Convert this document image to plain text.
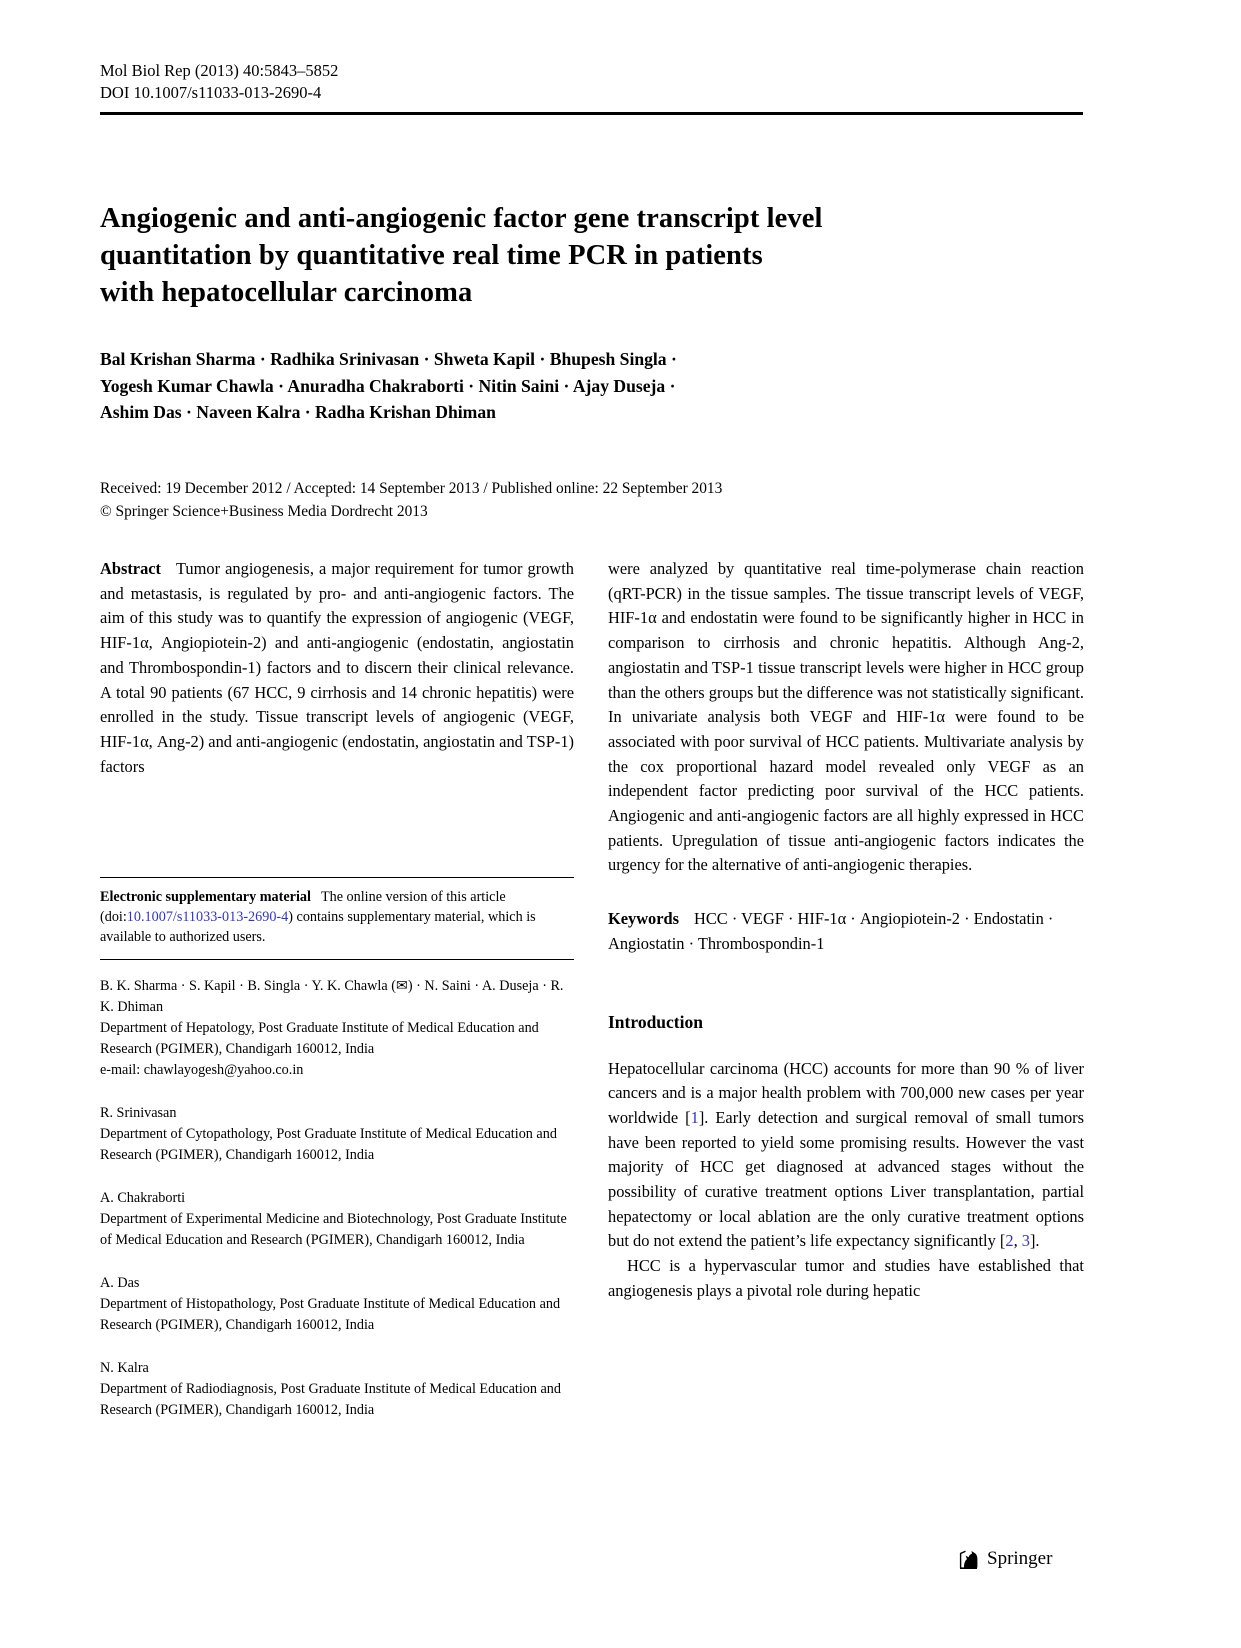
Mol Biol Rep (2013) 40:5843–5852
DOI 10.1007/s11033-013-2690-4
Angiogenic and anti-angiogenic factor gene transcript level
quantitation by quantitative real time PCR in patients
with hepatocellular carcinoma
Bal Krishan Sharma · Radhika Srinivasan · Shweta Kapil · Bhupesh Singla ·
Yogesh Kumar Chawla · Anuradha Chakraborti · Nitin Saini · Ajay Duseja ·
Ashim Das · Naveen Kalra · Radha Krishan Dhiman
Received: 19 December 2012 / Accepted: 14 September 2013 / Published online: 22 September 2013
© Springer Science+Business Media Dordrecht 2013

Abstract Tumor angiogenesis, a major requirement for tumor growth and metastasis, is regulated by pro- and anti-angiogenic factors. The aim of this study was to quantify the expression of angiogenic (VEGF, HIF-1α, Angiopiotein-2) and anti-angiogenic (endostatin, angiostatin and Thrombospondin-1) factors and to discern their clinical relevance. A total 90 patients (67 HCC, 9 cirrhosis and 14 chronic hepatitis) were enrolled in the study. Tissue transcript levels of angiogenic (VEGF, HIF-1α, Ang-2) and anti-angiogenic (endostatin, angiostatin and TSP-1) factors

Electronic supplementary material The online version of this article (doi:10.1007/s11033-013-2690-4) contains supplementary material, which is available to authorized users.

B. K. Sharma · S. Kapil · B. Singla · Y. K. Chawla (✉) · N. Saini · A. Duseja · R. K. Dhiman
Department of Hepatology, Post Graduate Institute of Medical Education and Research (PGIMER), Chandigarh 160012, India
e-mail: chawlayogesh@yahoo.co.in
R. Srinivasan
Department of Cytopathology, Post Graduate Institute of Medical Education and Research (PGIMER), Chandigarh 160012, India
A. Chakraborti
Department of Experimental Medicine and Biotechnology, Post Graduate Institute of Medical Education and Research (PGIMER), Chandigarh 160012, India
A. Das
Department of Histopathology, Post Graduate Institute of Medical Education and Research (PGIMER), Chandigarh 160012, India
N. Kalra
Department of Radiodiagnosis, Post Graduate Institute of Medical Education and Research (PGIMER), Chandigarh 160012, India

were analyzed by quantitative real time-polymerase chain reaction (qRT-PCR) in the tissue samples. The tissue transcript levels of VEGF, HIF-1α and endostatin were found to be significantly higher in HCC in comparison to cirrhosis and chronic hepatitis. Although Ang-2, angiostatin and TSP-1 tissue transcript levels were higher in HCC group than the others groups but the difference was not statistically significant. In univariate analysis both VEGF and HIF-1α were found to be associated with poor survival of HCC patients. Multivariate analysis by the cox proportional hazard model revealed only VEGF as an independent factor predicting poor survival of the HCC patients. Angiogenic and anti-angiogenic factors are all highly expressed in HCC patients. Upregulation of tissue anti-angiogenic factors indicates the urgency for the alternative of anti-angiogenic therapies.

Keywords HCC · VEGF · HIF-1α · Angiopiotein-2 · Endostatin · Angiostatin · Thrombospondin-1

Introduction

Hepatocellular carcinoma (HCC) accounts for more than 90 % of liver cancers and is a major health problem with 700,000 new cases per year worldwide [1]. Early detection and surgical removal of small tumors have been reported to yield some promising results. However the vast majority of HCC get diagnosed at advanced stages without the possibility of curative treatment options Liver transplantation, partial hepatectomy or local ablation are the only curative treatment options but do not extend the patient’s life expectancy significantly [2, 3].

HCC is a hypervascular tumor and studies have established that angiogenesis plays a pivotal role during hepatic

Springer
